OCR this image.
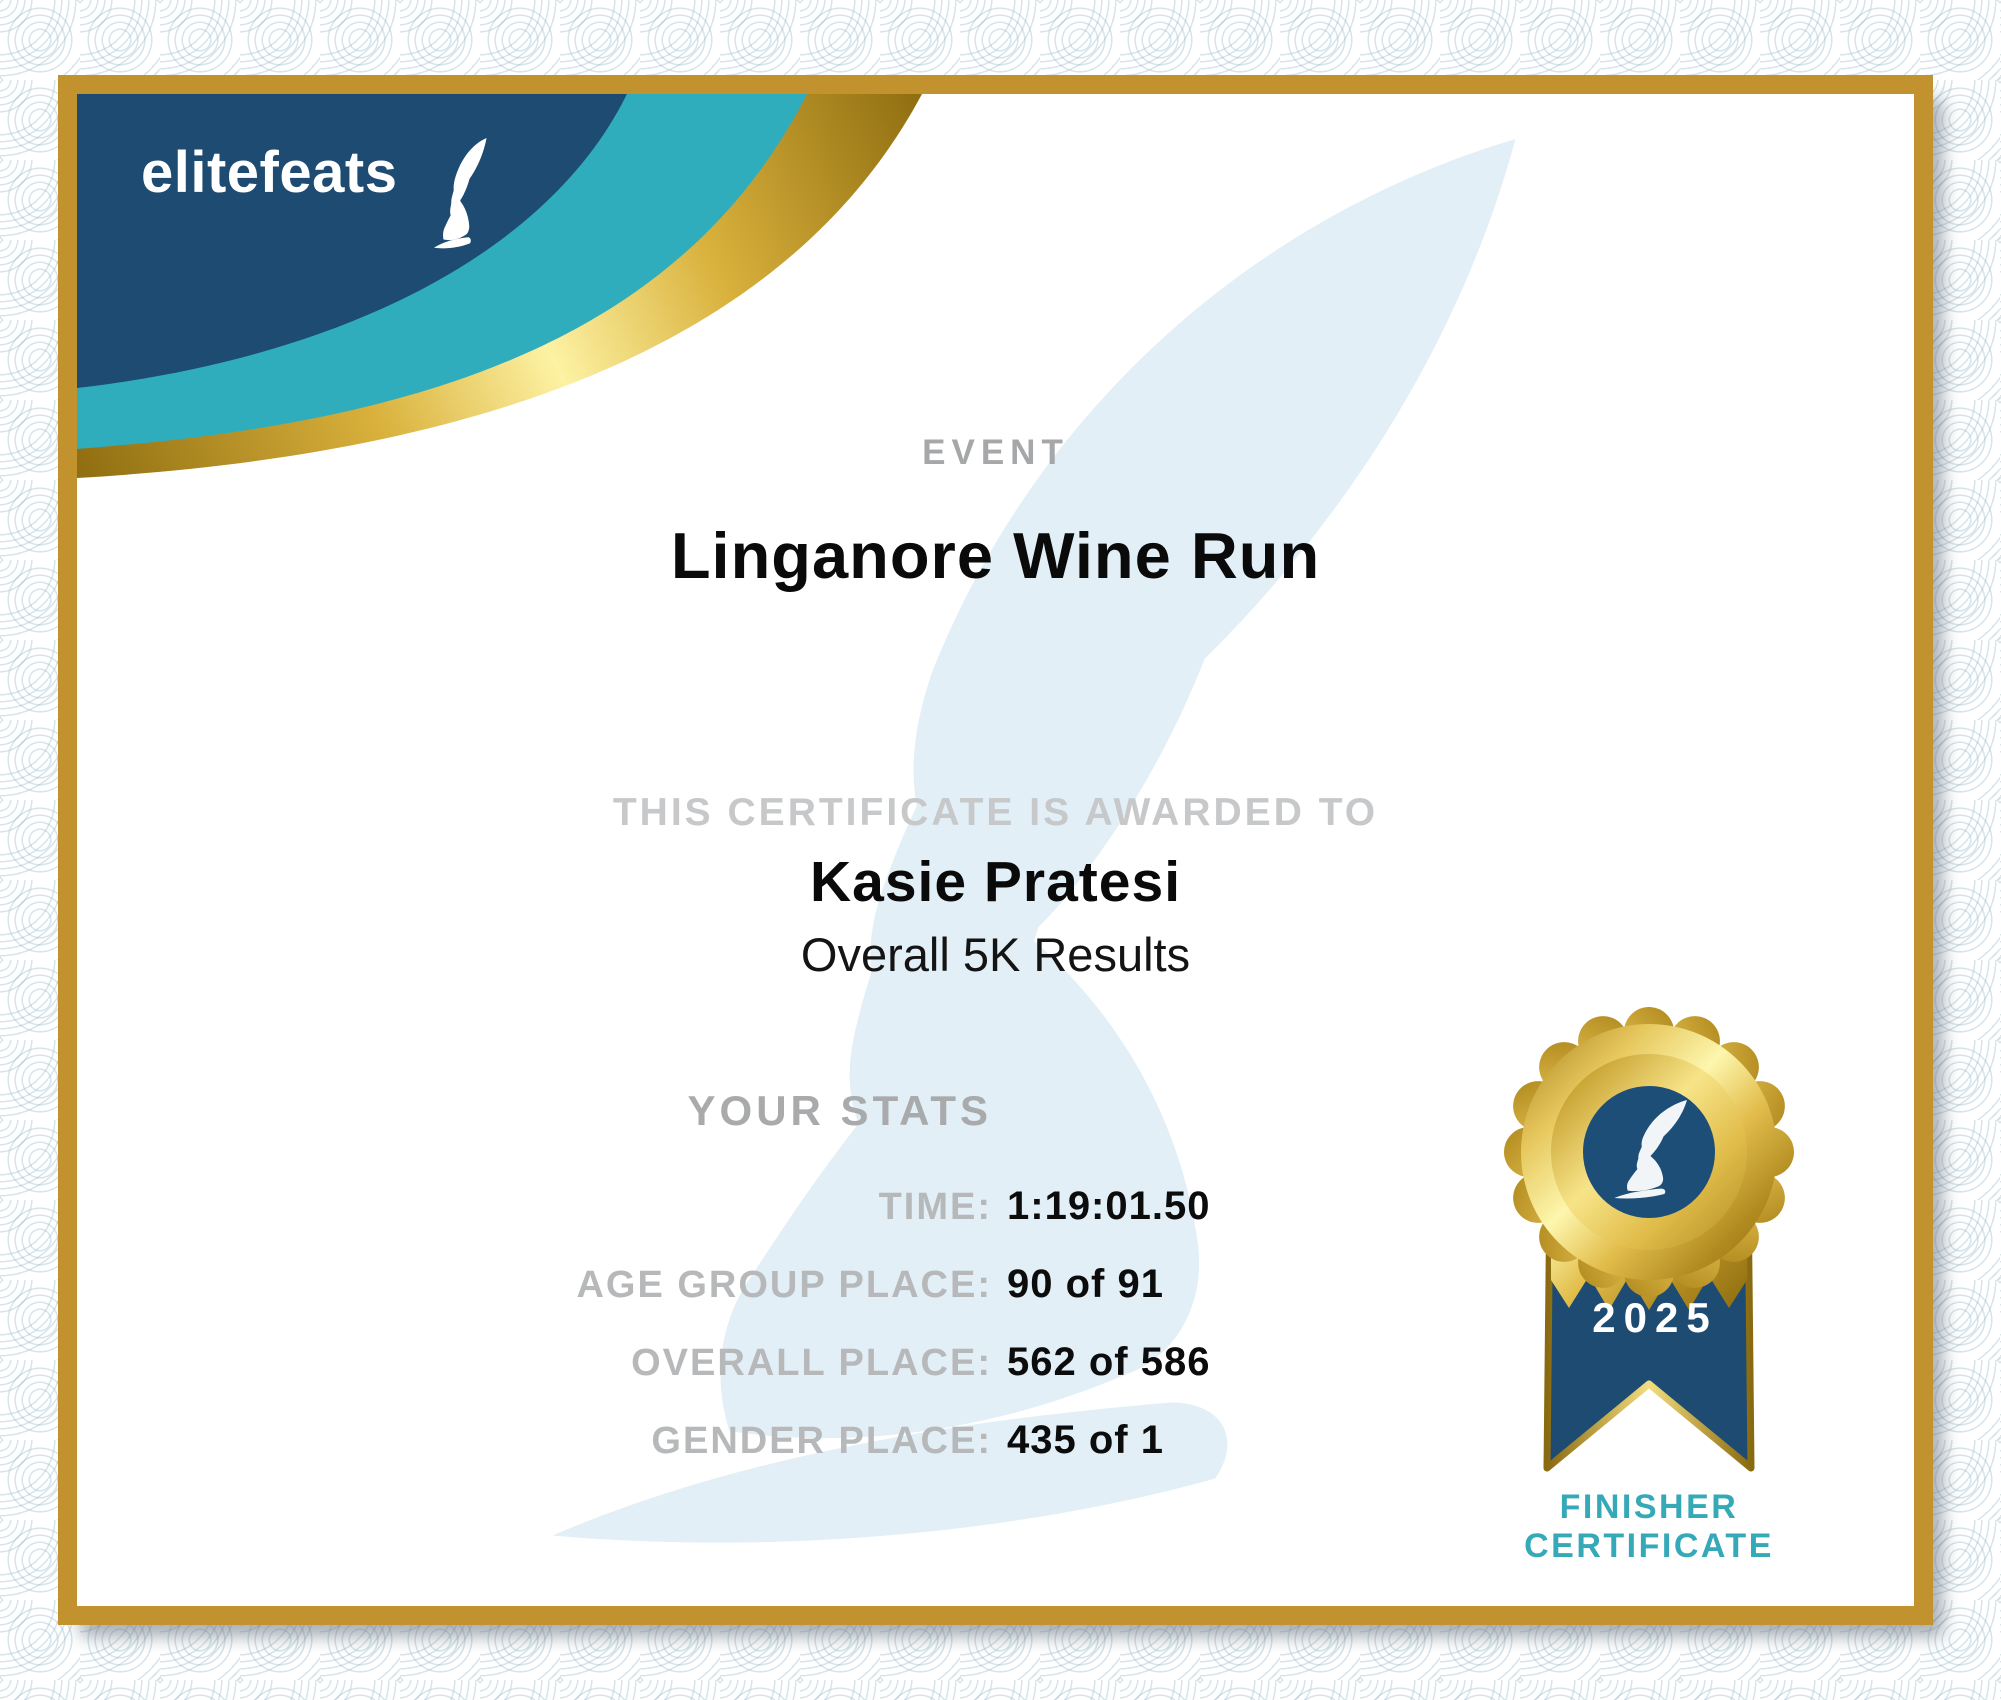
elitefeats
EVENT
Linganore Wine Run
THIS CERTIFICATE IS AWARDED TO
Kasie Pratesi
Overall 5K Results
YOUR STATS
TIME: 1:19:01.50
AGE GROUP PLACE: 90 of 91
OVERALL PLACE: 562 of 586
GENDER PLACE: 435 of 1
2025
FINISHER
CERTIFICATE
